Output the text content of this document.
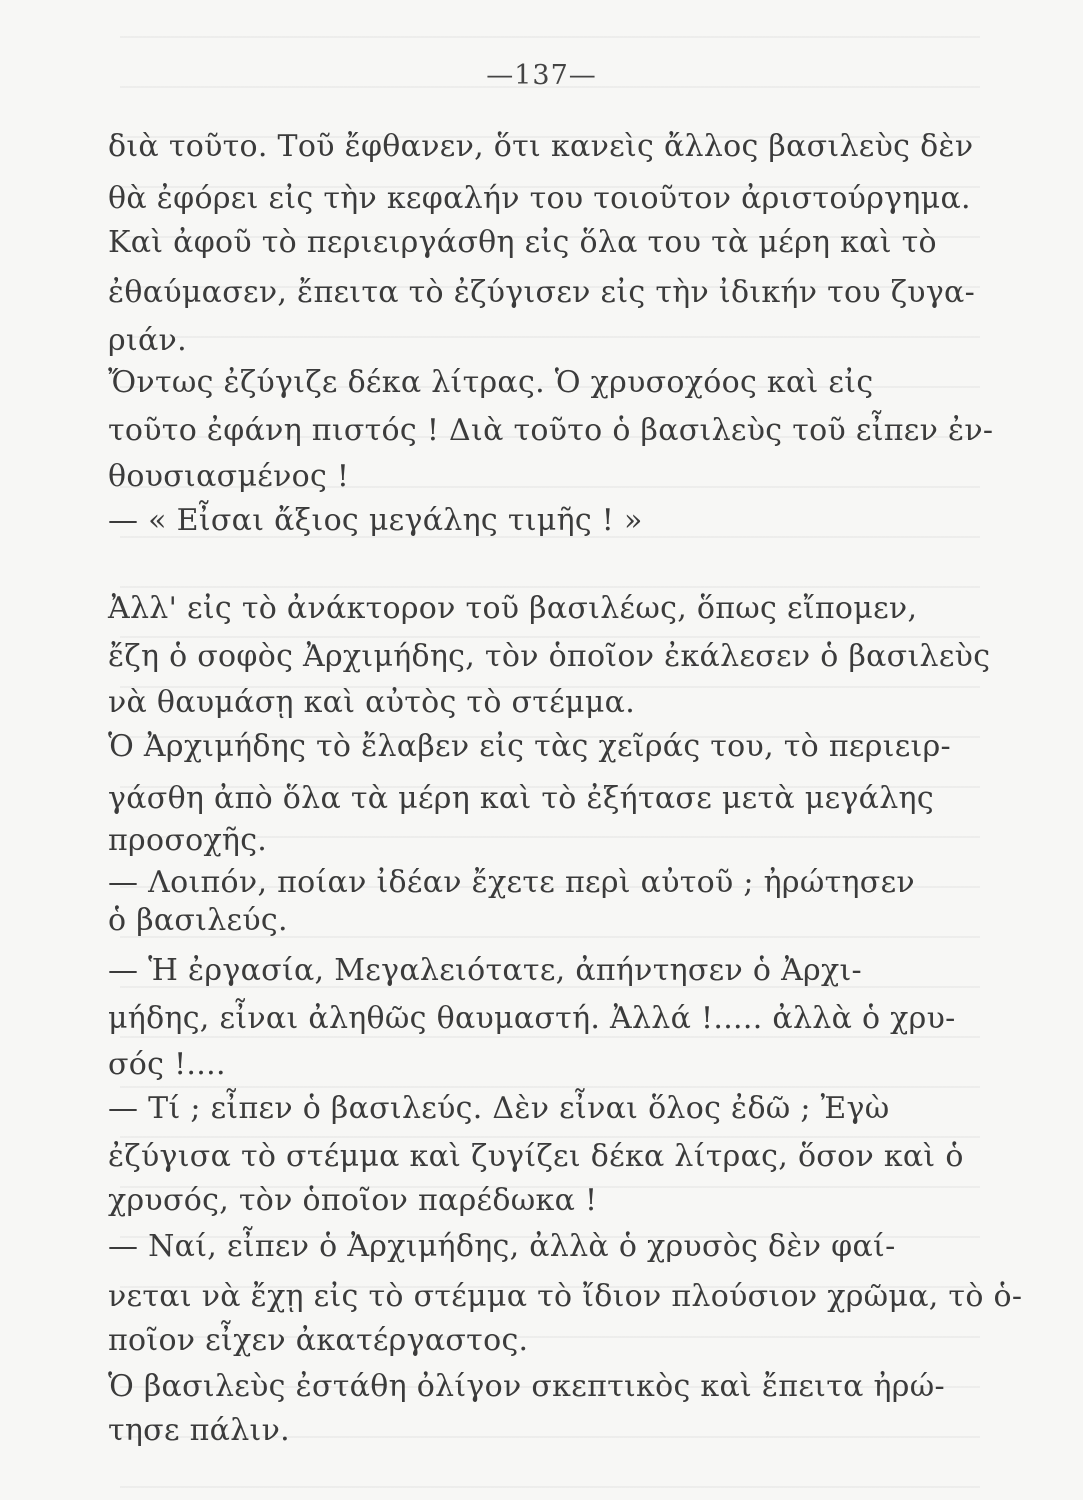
—137—
διὰ τοῦτο. Τοῦ ἔφθανεν, ὅτι κανεὶς ἄλλος βασιλεὺς δὲν
θὰ ἐφόρει εἰς τὴν κεφαλήν του τοιοῦτον ἀριστούργημα.
Καὶ ἀφοῦ τὸ περιειργάσθη εἰς ὅλα του τὰ μέρη καὶ τὸ
ἐθαύμασεν, ἔπειτα τὸ ἐζύγισεν εἰς τὴν ἰδικήν του ζυγα-
ριάν.
Ὄντως ἐζύγιζε δέκα λίτρας. Ὁ χρυσοχόος καὶ εἰς
τοῦτο ἐφάνη πιστός ! Διὰ τοῦτο ὁ βασιλεὺς τοῦ εἶπεν ἐν-
θουσιασμένος !
— « Εἶσαι ἄξιος μεγάλης τιμῆς ! »
Ἀλλ' εἰς τὸ ἀνάκτορον τοῦ βασιλέως, ὅπως εἴπομεν,
ἔζη ὁ σοφὸς Ἀρχιμήδης, τὸν ὁποῖον ἐκάλεσεν ὁ βασιλεὺς
νὰ θαυμάσῃ καὶ αὐτὸς τὸ στέμμα.
Ὁ Ἀρχιμήδης τὸ ἔλαβεν εἰς τὰς χεῖράς του, τὸ περιειρ-
γάσθη ἀπὸ ὅλα τὰ μέρη καὶ τὸ ἐξήτασε μετὰ μεγάλης
προσοχῆς.
— Λοιπόν, ποίαν ἰδέαν ἔχετε περὶ αὐτοῦ ; ἠρώτησεν
ὁ βασιλεύς.
— Ἡ ἐργασία, Μεγαλειότατε, ἀπήντησεν ὁ Ἀρχι-
μήδης, εἶναι ἀληθῶς θαυμαστή. Ἀλλά !..... ἀλλὰ ὁ χρυ-
σός !....
— Τί ; εἶπεν ὁ βασιλεύς. Δὲν εἶναι ὅλος ἐδῶ ; Ἐγὼ
ἐζύγισα τὸ στέμμα καὶ ζυγίζει δέκα λίτρας, ὅσον καὶ ὁ
χρυσός, τὸν ὁποῖον παρέδωκα !
— Ναί, εἶπεν ὁ Ἀρχιμήδης, ἀλλὰ ὁ χρυσὸς δὲν φαί-
νεται νὰ ἔχῃ εἰς τὸ στέμμα τὸ ἴδιον πλούσιον χρῶμα, τὸ ὁ-
ποῖον εἶχεν ἀκατέργαστος.
Ὁ βασιλεὺς ἐστάθη ὀλίγον σκεπτικὸς καὶ ἔπειτα ἠρώ-
τησε πάλιν.
